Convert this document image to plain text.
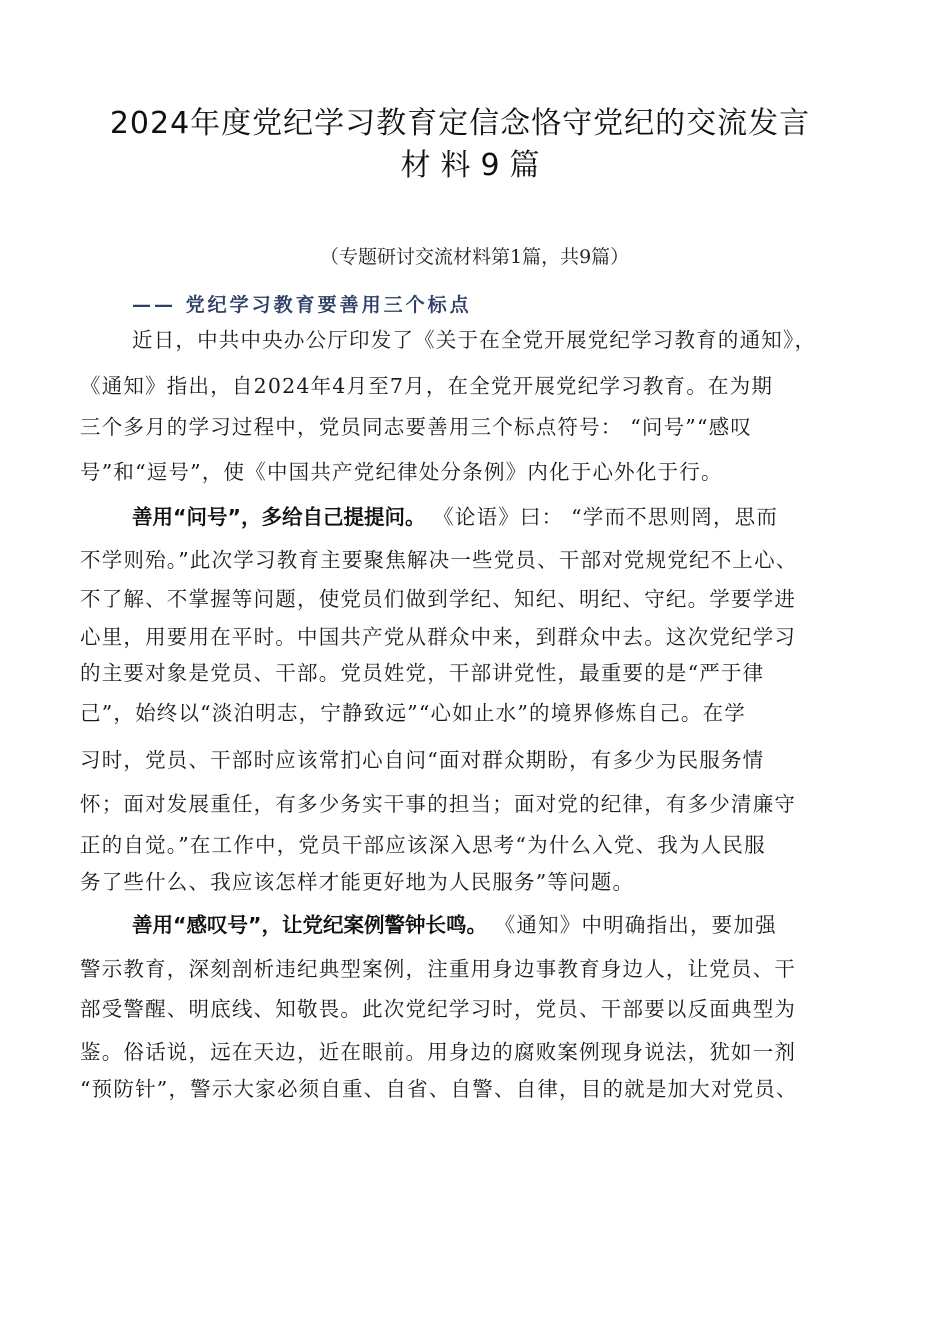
2024年度党纪学习教育定信念恪守党纪的交流发言
材料9篇
（专题研讨交流材料第1篇，共9篇）
—— 党纪学习教育要善用三个标点
近日，中共中央办公厅印发了《关于在全党开展党纪学习教育的通知》，
《通知》指出，自2024年4月至7月，在全党开展党纪学习教育。在为期
三个多月的学习过程中，党员同志要善用三个标点符号： “问号”“感叹
号”和“逗号”，使《中国共产党纪律处分条例》内化于心外化于行。
善用“问号”，多给自己提提问。 《论语》曰： “学而不思则罔，思而
不学则殆。”此次学习教育主要聚焦解决一些党员、干部对党规党纪不上心、
不了解、不掌握等问题，使党员们做到学纪、知纪、明纪、守纪。学要学进
心里，用要用在平时。中国共产党从群众中来，到群众中去。这次党纪学习
的主要对象是党员、干部。党员姓党，干部讲党性，最重要的是“严于律
己”，始终以“淡泊明志，宁静致远”“心如止水”的境界修炼自己。在学
习时，党员、干部时应该常扪心自问“面对群众期盼，有多少为民服务情
怀；面对发展重任，有多少务实干事的担当；面对党的纪律，有多少清廉守
正的自觉。”在工作中，党员干部应该深入思考“为什么入党、我为人民服
务了些什么、我应该怎样才能更好地为人民服务”等问题。
善用“感叹号”，让党纪案例警钟长鸣。 《通知》中明确指出，要加强
警示教育，深刻剖析违纪典型案例，注重用身边事教育身边人，让党员、干
部受警醒、明底线、知敬畏。此次党纪学习时，党员、干部要以反面典型为
鉴。俗话说，远在天边，近在眼前。用身边的腐败案例现身说法，犹如一剂
“预防针”，警示大家必须自重、自省、自警、自律，目的就是加大对党员、
